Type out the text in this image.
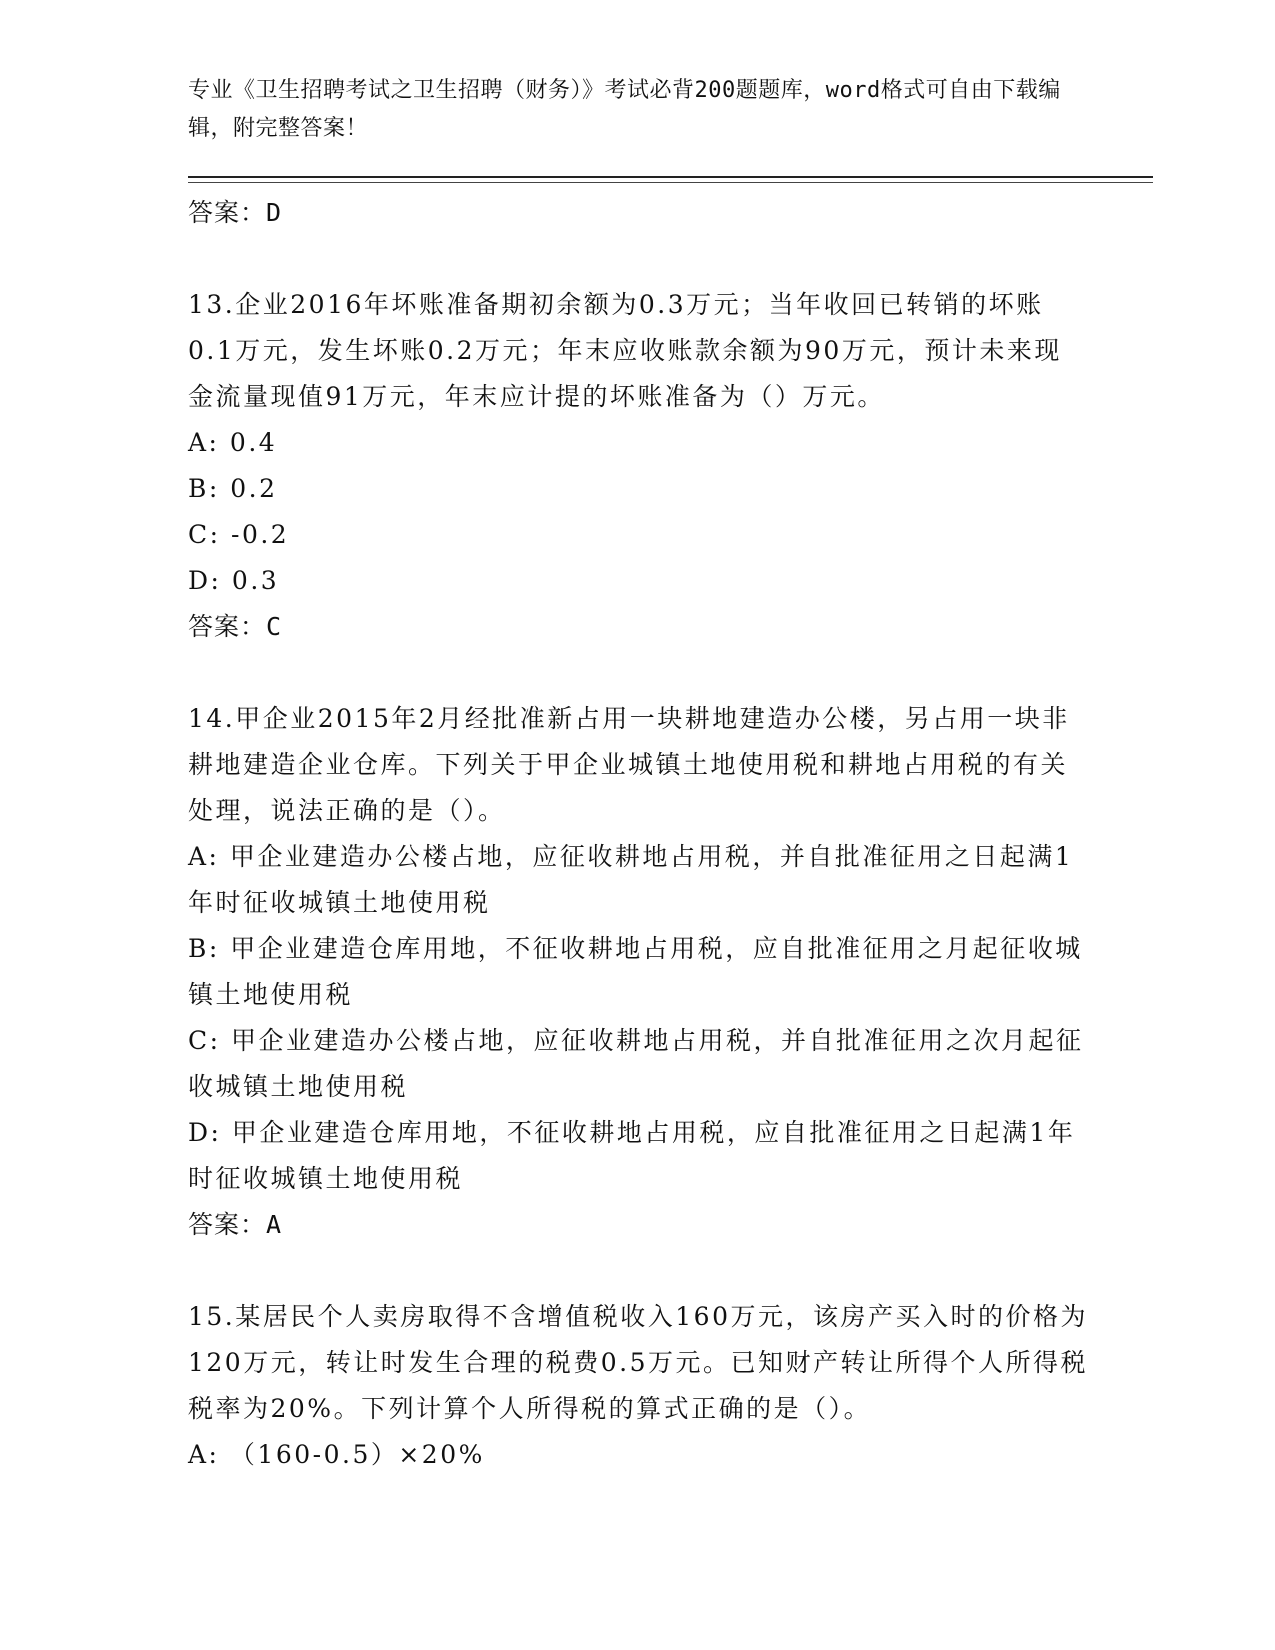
专业《卫生招聘考试之卫生招聘（财务）》考试必背200题题库，word格式可自由下载编辑，附完整答案！

答案：D

13.企业2016年坏账准备期初余额为0.3万元；当年收回已转销的坏账0.1万元，发生坏账0.2万元；年末应收账款余额为90万元，预计未来现金流量现值91万元，年末应计提的坏账准备为（）万元。

A: 0.4

B: 0.2

C: -0.2

D: 0.3

答案：C

14.甲企业2015年2月经批准新占用一块耕地建造办公楼，另占用一块非耕地建造企业仓库。下列关于甲企业城镇土地使用税和耕地占用税的有关处理，说法正确的是（）。

A: 甲企业建造办公楼占地，应征收耕地占用税，并自批准征用之日起满1年时征收城镇土地使用税

B: 甲企业建造仓库用地，不征收耕地占用税，应自批准征用之月起征收城镇土地使用税

C: 甲企业建造办公楼占地，应征收耕地占用税，并自批准征用之次月起征收城镇土地使用税

D: 甲企业建造仓库用地，不征收耕地占用税，应自批准征用之日起满1年时征收城镇土地使用税

答案：A

15.某居民个人卖房取得不含增值税收入160万元，该房产买入时的价格为120万元，转让时发生合理的税费0.5万元。已知财产转让所得个人所得税税率为20%。下列计算个人所得税的算式正确的是（）。

A: （160-0.5）×20%
